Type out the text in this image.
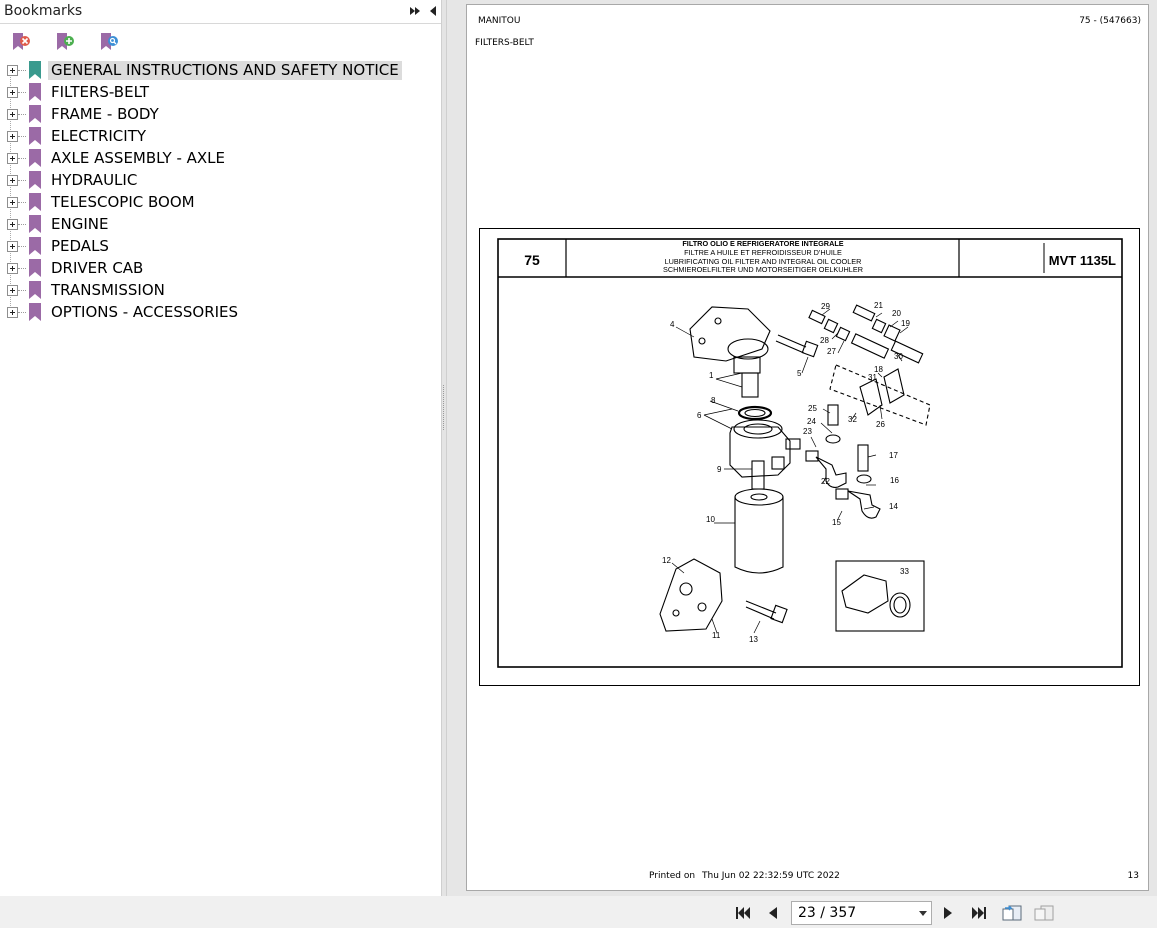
Bookmarks
GENERAL INSTRUCTIONS AND SAFETY NOTICE
FILTERS-BELT
FRAME - BODY
ELECTRICITY
AXLE ASSEMBLY - AXLE
HYDRAULIC
TELESCOPIC BOOM
ENGINE
PEDALS
DRIVER CAB
TRANSMISSION
OPTIONS - ACCESSORIES
MANITOU	75 - (547663)
FILTERS-BELT
75
FILTRO OLIO E REFRIGERATORE INTEGRALE
FILTRE A HUILE ET REFROIDISSEUR D'HUILE
LUBRIFICATING OIL FILTER AND INTEGRAL OIL COOLER
SCHMIEROELFILTER UND MOTORSEITIGER OELKUHLER
MVT 1135L
1
4
5
6
8
9
10
11
12
13
14
15
16
17
18
19
20
21
22
23
24
25
26
27
28
29
30
31
32
33
Printed on Thu Jun 02 22:32:59 UTC 2022	13
23 / 357
